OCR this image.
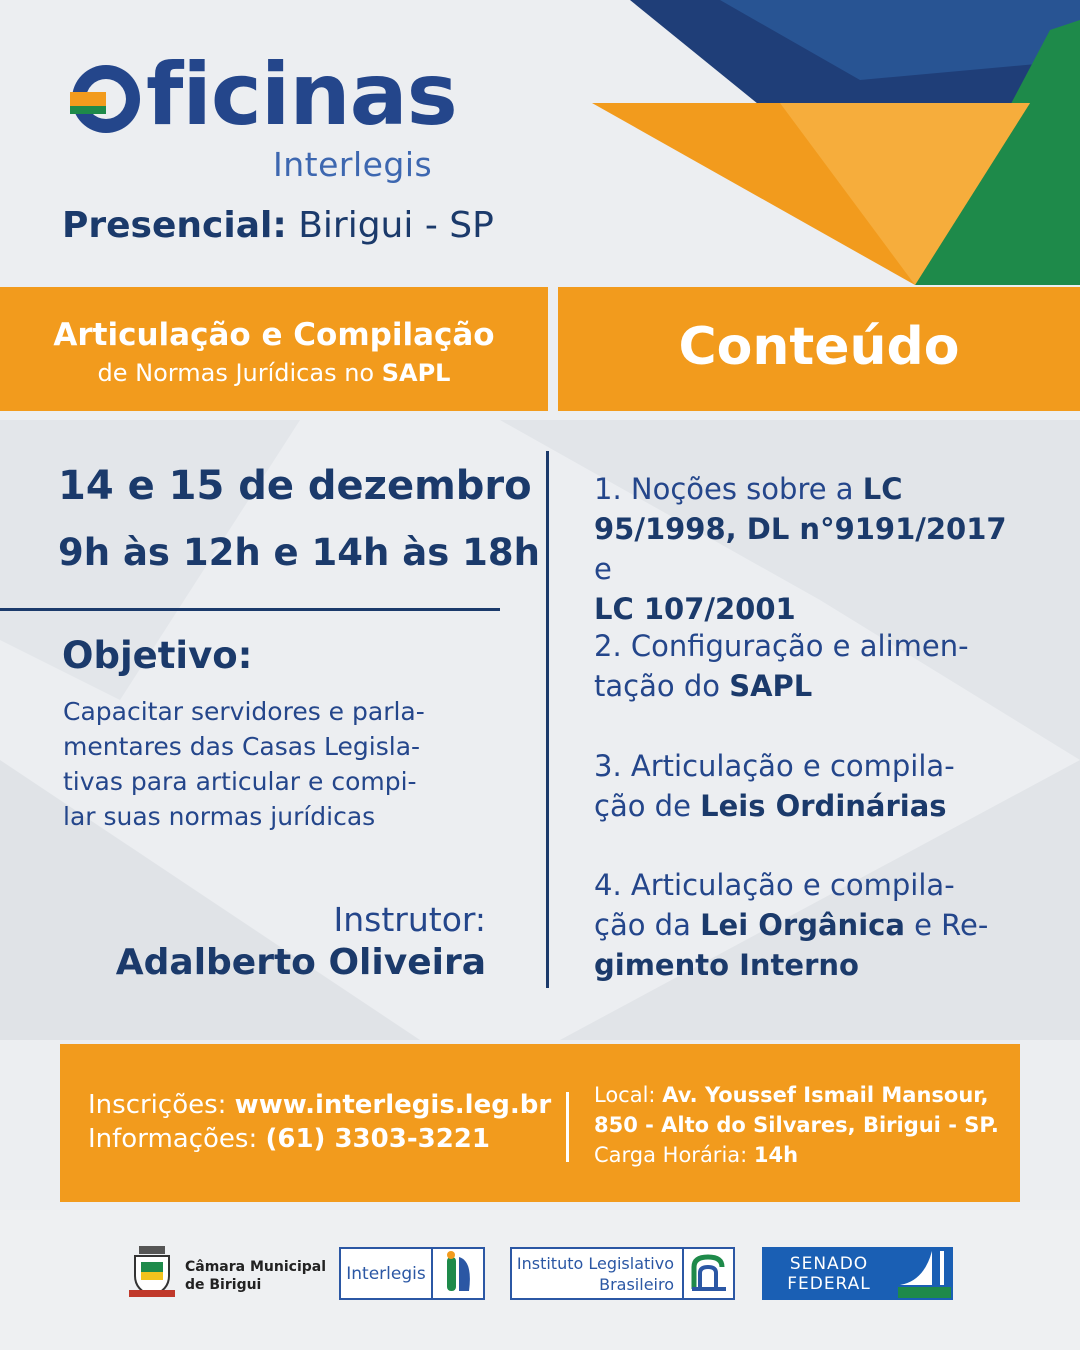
ficinas
Interlegis
Presencial: Birigui - SP
Articulação e Compilação
de Normas Jurídicas no SAPL	Conteúdo
14 e 15 de dezembro
9h às 12h e 14h às 18h
Objetivo:
Capacitar servidores e parla-
mentares das Casas Legisla-
tivas para articular e compi-
lar suas normas jurídicas
Instrutor:
Adalberto Oliveira
1. Noções sobre a LC
95/1998, DL n°9191/2017 e
LC 107/2001
2. Configuração e alimen-
tação do SAPL
3. Articulação e compila-
ção de Leis Ordinárias
4. Articulação e compila-
ção da Lei Orgânica e Re-
gimento Interno
Inscrições: www.interlegis.leg.br
Informações: (61) 3303-3221
Local: Av. Youssef Ismail Mansour,
850 - Alto do Silvares, Birigui - SP.
Carga Horária: 14h
Câmara Municipal
de Birigui
Interlegis
Instituto Legislativo
Brasileiro
SENADO
FEDERAL
